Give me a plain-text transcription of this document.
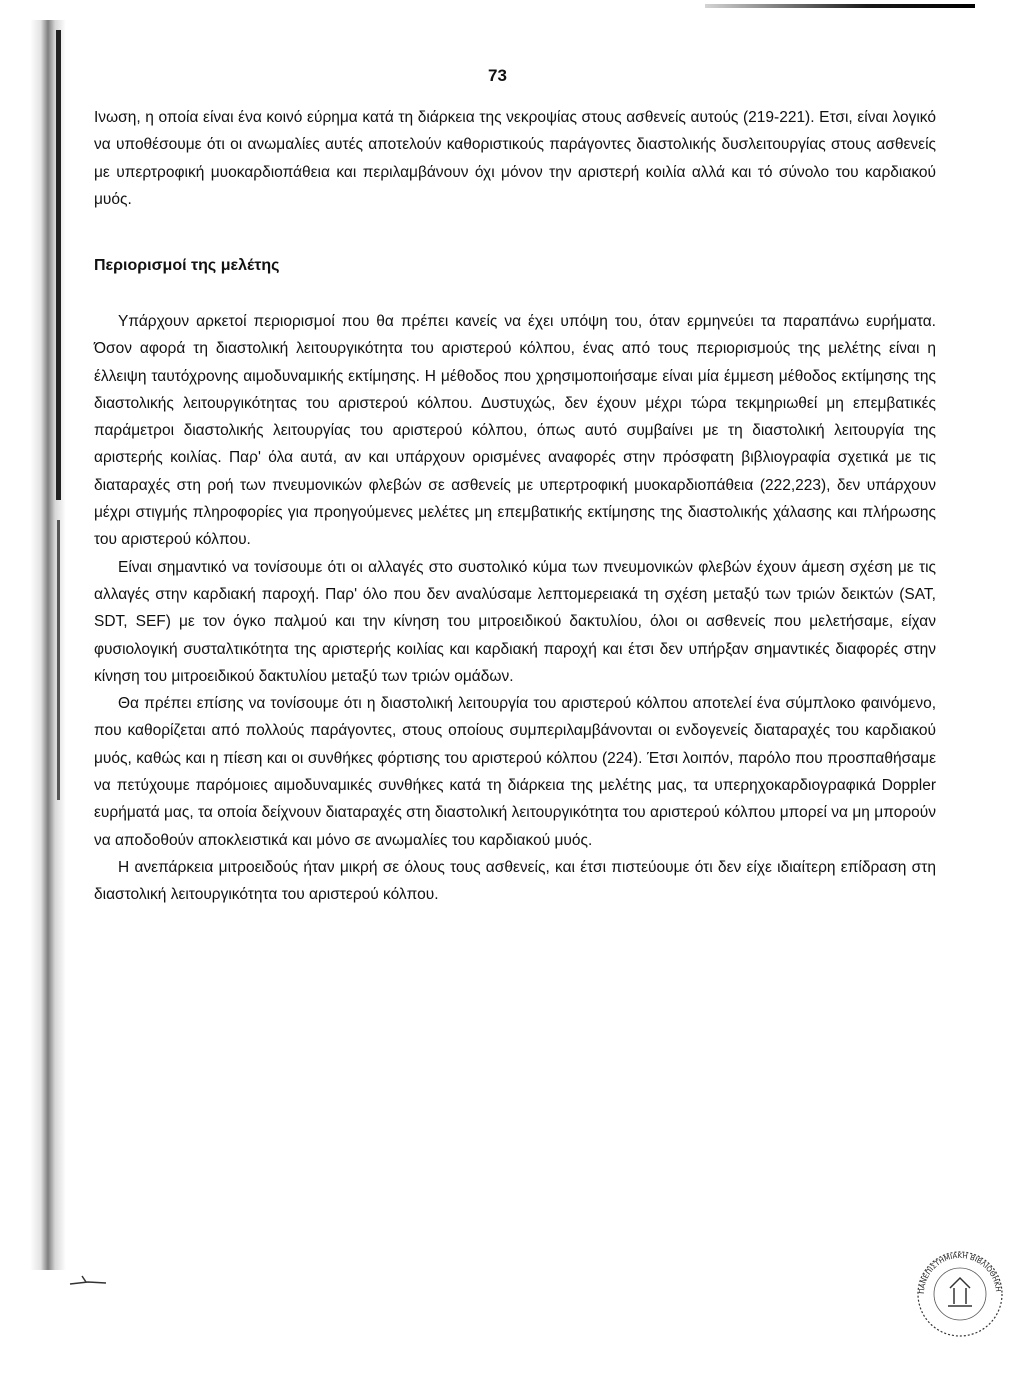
73

Ινωση, η οποία είναι ένα κοινό εύρημα κατά τη διάρκεια της νεκροψίας στους ασθενείς αυτούς (219-221). Ετσι, είναι λογικό να υποθέσουμε ότι οι ανωμαλίες αυτές αποτελούν καθοριστικούς παράγοντες διαστολικής δυσλειτουργίας στους ασθενείς με υπερτροφική μυοκαρδιοπάθεια και περιλαμβάνουν όχι μόνον την αριστερή κοιλία αλλά και τό σύνολο του καρδιακού μυός.

Περιορισμοί της μελέτης

Υπάρχουν αρκετοί περιορισμοί που θα πρέπει κανείς να έχει υπόψη του, όταν ερμηνεύει τα παραπάνω ευρήματα. Όσον αφορά τη διαστολική λειτουργικότητα του αριστερού κόλπου, ένας από τους περιορισμούς της μελέτης είναι η έλλειψη ταυτόχρονης αιμοδυναμικής εκτίμησης. Η μέθοδος που χρησιμοποιήσαμε είναι μία έμμεση μέθοδος εκτίμησης της διαστολικής λειτουργικότητας του αριστερού κόλπου. Δυστυχώς, δεν έχουν μέχρι τώρα τεκμηριωθεί μη επεμβατικές παράμετροι διαστολικής λειτουργίας του αριστερού κόλπου, όπως αυτό συμβαίνει με τη διαστολική λειτουργία της αριστερής κοιλίας. Παρ' όλα αυτά, αν και υπάρχουν ορισμένες αναφορές στην πρόσφατη βιβλιογραφία σχετικά με τις διαταραχές στη ροή των πνευμονικών φλεβών σε ασθενείς με υπερτροφική μυοκαρδιοπάθεια (222,223), δεν υπάρχουν μέχρι στιγμής πληροφορίες για προηγούμενες μελέτες μη επεμβατικής εκτίμησης της διαστολικής χάλασης και πλήρωσης του αριστερού κόλπου.

Είναι σημαντικό να τονίσουμε ότι οι αλλαγές στο συστολικό κύμα των πνευμονικών φλεβών έχουν άμεση σχέση με τις αλλαγές στην καρδιακή παροχή. Παρ' όλο που δεν αναλύσαμε λεπτομερειακά τη σχέση μεταξύ των τριών δεικτών (SAT, SDT, SEF) με τον όγκο παλμού και την κίνηση του μιτροειδικού δακτυλίου, όλοι οι ασθενείς που μελετήσαμε, είχαν φυσιολογική συσταλτικότητα της αριστερής κοιλίας και καρδιακή παροχή και έτσι δεν υπήρξαν σημαντικές διαφορές στην κίνηση του μιτροειδικού δακτυλίου μεταξύ των τριών ομάδων.

Θα πρέπει επίσης να τονίσουμε ότι η διαστολική λειτουργία του αριστερού κόλπου αποτελεί ένα σύμπλοκο φαινόμενο, που καθορίζεται από πολλούς παράγοντες, στους οποίους συμπεριλαμβάνονται οι ενδογενείς διαταραχές του καρδιακού μυός, καθώς και η πίεση και οι συνθήκες φόρτισης του αριστερού κόλπου (224). Έτσι λοιπόν, παρόλο που προσπαθήσαμε να πετύχουμε παρόμοιες αιμοδυναμικές συνθήκες κατά τη διάρκεια της μελέτης μας, τα υπερηχοκαρδιογραφικά Doppler ευρήματά μας, τα οποία δείχνουν διαταραχές στη διαστολική λειτουργικότητα του αριστερού κόλπου μπορεί να μη μπορούν να αποδοθούν αποκλειστικά και μόνο σε ανωμαλίες του καρδιακού μυός.

Η ανεπάρκεια μιτροειδούς ήταν μικρή σε όλους τους ασθενείς, και έτσι πιστεύουμε ότι δεν είχε ιδιαίτερη επίδραση στη διαστολική λειτουργικότητα του αριστερού κόλπου.

ΠΑΝΕΠΙΣΤΗΜΙΑΚΗ ΒΙΒΛΙΟΘΗΚΗ
